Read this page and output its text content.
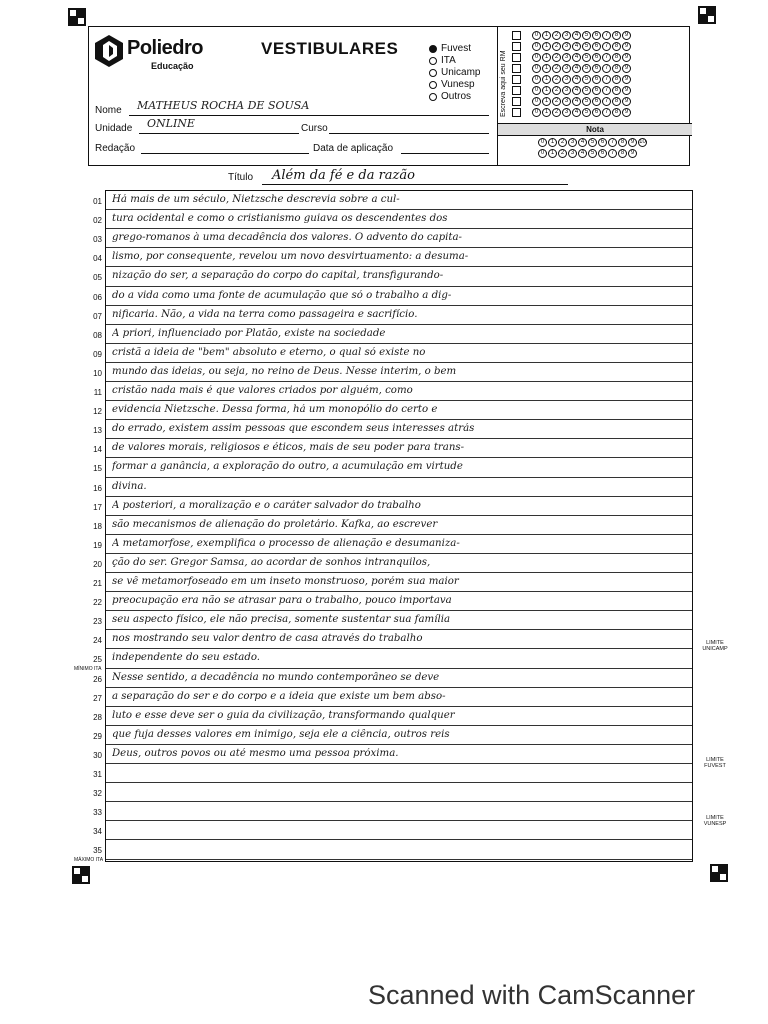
Poliedro
Educação
VESTIBULARES	Fuvest
ITA
Unicamp
Vunesp
Outros
Nome MATHEUS ROCHA DE SOUSA
Unidade ONLINE	Curso
Redação	Data de aplicação
Escreva aqui seu RM
0	1	2	3	4	5	6	7	8	9
0	1	2	3	4	5	6	7	8	9
0	1	2	3	4	5	6	7	8	9
0	1	2	3	4	5	6	7	8	9
0	1	2	3	4	5	6	7	8	9
0	1	2	3	4	5	6	7	8	9
0	1	2	3	4	5	6	7	8	9
0	1	2	3	4	5	6	7	8	9
Nota
0	1	2	3	4	5	6	7	8	9 10
0	1	2	3	4	5	6	7	8	9
Título Além da fé e da razão
01 Há mais de um século, Nietzsche descrevia sobre a cul-
02 tura ocidental e como o cristianismo guiava os descendentes dos
03 grego-romanos à uma decadência dos valores. O advento do capita-
04 lismo, por consequente, revelou um novo desvirtuamento: a desuma-
05 nização do ser, a separação do corpo do capital, transfigurando-
06 do a vida como uma fonte de acumulação que só o trabalho a dig-
07 nificaria. Não, a vida na terra como passageira e sacrifício.
08 A priori, influenciado por Platão, existe na sociedade
09 cristã a ideia de "bem" absoluto e eterno, o qual só existe no
10 mundo das ideias, ou seja, no reino de Deus. Nesse interim, o bem
11 cristão nada mais é que valores criados por alguém, como
12 evidencia Nietzsche. Dessa forma, há um monopólio do certo e
13 do errado, existem assim pessoas que escondem seus interesses atrás
14 de valores morais, religiosos e éticos, mais de seu poder para trans-
15 formar a ganância, a exploração do outro, a acumulação em virtude
16 divina.
17 A posteriori, a moralização e o caráter salvador do trabalho
18 são mecanismos de alienação do proletário. Kafka, ao escrever
19 A metamorfose, exemplifica o processo de alienação e desumaniza-
20 ção do ser. Gregor Samsa, ao acordar de sonhos intranquilos,
21 se vê metamorfoseado em um inseto monstruoso, porém sua maior
22 preocupação era não se atrasar para o trabalho, pouco importava
23 seu aspecto físico, ele não precisa, somente sustentar sua família
24 nos mostrando seu valor dentro de casa através do trabalho
25 independente do seu estado.
26 Nesse sentido, a decadência no mundo contemporâneo se deve
27 a separação do ser e do corpo e a ideia que existe um bem abso-
28 luto e esse deve ser o guia da civilização, transformando qualquer
29 que fuja desses valores em inimigo, seja ele a ciência, outros reis
30 Deus, outros povos ou até mesmo uma pessoa próxima.
31
32
33
34
35
LIMITE UNICAMP
LIMITE FUVEST
LIMITE VUNESP
MÍNIMO ITA
MÁXIMO ITA
Scanned with CamScanner
